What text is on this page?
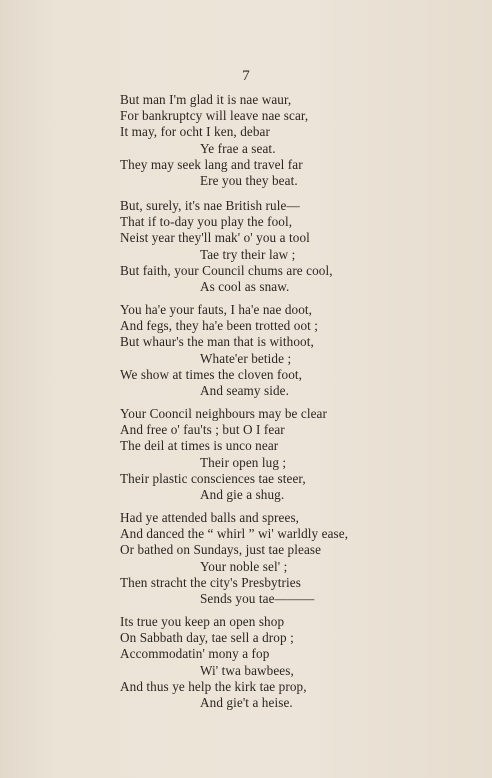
7
But man I'm glad it is nae waur,
For bankruptcy will leave nae scar,
It may, for ocht I ken, debar
Ye frae a seat.
They may seek lang and travel far
Ere you they beat.
But, surely, it's nae British rule—
That if to-day you play the fool,
Neist year they'll mak' o' you a tool
Tae try their law ;
But faith, your Council chums are cool,
As cool as snaw.
You ha'e your fauts, I ha'e nae doot,
And fegs, they ha'e been trotted oot ;
But whaur's the man that is withoot,
Whate'er betide ;
We show at times the cloven foot,
And seamy side.
Your Cooncil neighbours may be clear
And free o' fau'ts ; but O I fear
The deil at times is unco near
Their open lug ;
Their plastic consciences tae steer,
And gie a shug.
Had ye attended balls and sprees,
And danced the “ whirl ” wi' warldly ease,
Or bathed on Sundays, just tae please
Your noble sel' ;
Then stracht the city's Presbytries
Sends you tae———
Its true you keep an open shop
On Sabbath day, tae sell a drop ;
Accommodatin' mony a fop
Wi' twa bawbees,
And thus ye help the kirk tae prop,
And gie't a heise.
